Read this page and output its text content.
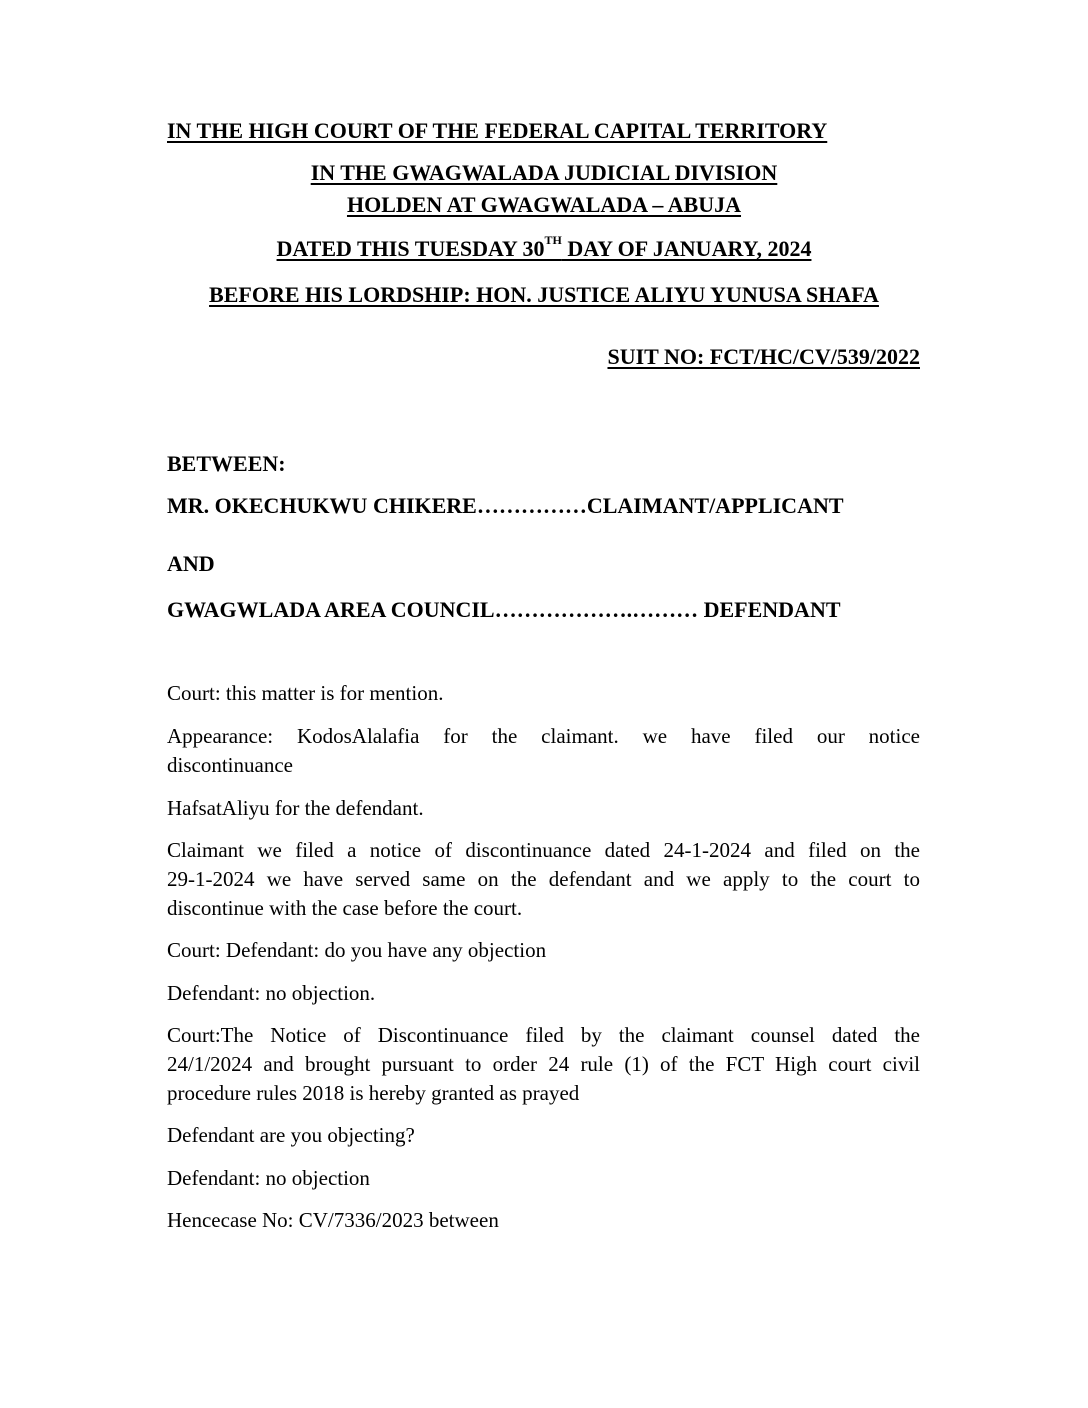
IN THE HIGH COURT OF THE FEDERAL CAPITAL TERRITORY
IN THE GWAGWALADA JUDICIAL DIVISION
HOLDEN AT GWAGWALADA – ABUJA
DATED THIS TUESDAY 30TH DAY OF JANUARY, 2024
BEFORE HIS LORDSHIP: HON. JUSTICE ALIYU YUNUSA SHAFA
SUIT NO: FCT/HC/CV/539/2022
BETWEEN:
MR. OKECHUKWU CHIKERE……………CLAIMANT/APPLICANT
AND
GWAGWLADA AREA COUNCIL……………….……… DEFENDANT
Court: this matter is for mention.
Appearance: KodosAlalafia for the claimant. we have filed our notice
discontinuance
HafsatAliyu for the defendant.
Claimant we filed a notice of discontinuance dated 24-1-2024 and filed on the
29-1-2024 we have served same on the defendant and we apply to the court to
discontinue with the case before the court.
Court: Defendant: do you have any objection
Defendant: no objection.
Court:The Notice of Discontinuance filed by the claimant counsel dated the
24/1/2024 and brought pursuant to order 24 rule (1) of the FCT High court civil
procedure rules 2018 is hereby granted as prayed
Defendant are you objecting?
Defendant: no objection
Hencecase No: CV/7336/2023 between
